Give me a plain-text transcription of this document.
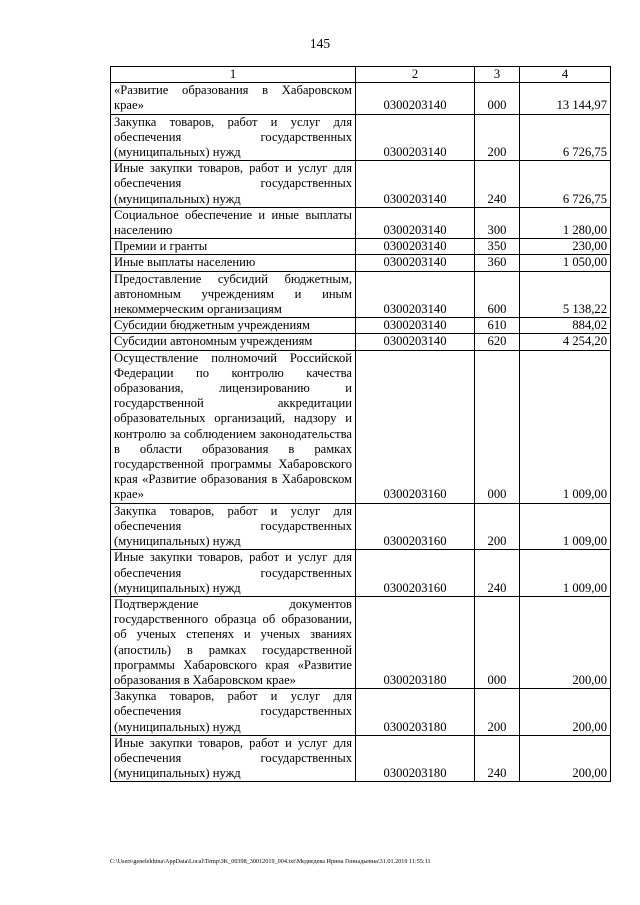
145
1	2	3	4
«Развитие образования в Хабаровском крае»	0300203140	000	13 144,97
Закупка товаров, работ и услуг для обеспечения государственных (муниципальных) нужд	0300203140	200	6 726,75
Иные закупки товаров, работ и услуг для обеспечения государственных (муниципальных) нужд	0300203140	240	6 726,75
Социальное обеспечение и иные выплаты населению	0300203140	300	1 280,00
Премии и гранты	0300203140	350	230,00
Иные выплаты населению	0300203140	360	1 050,00
Предоставление субсидий бюджетным, автономным учреждениям и иным некоммерческим организациям	0300203140	600	5 138,22
Субсидии бюджетным учреждениям	0300203140	610	884,02
Субсидии автономным учреждениям	0300203140	620	4 254,20
Осуществление полномочий Российской Федерации по контролю качества образования, лицензированию и государственной аккредитации образовательных организаций, надзору и контролю за соблюдением законодательства в области образования в рамках государственной программы Хабаровского края «Развитие образования в Хабаровском крае»	0300203160	000	1 009,00
Закупка товаров, работ и услуг для обеспечения государственных (муниципальных) нужд	0300203160	200	1 009,00
Иные закупки товаров, работ и услуг для обеспечения государственных (муниципальных) нужд	0300203160	240	1 009,00
Подтверждение документов государственного образца об образовании, об ученых степенях и ученых званиях (апостиль) в рамках государственной программы Хабаровского края «Развитие образования в Хабаровском крае»	0300203180	000	200,00
Закупка товаров, работ и услуг для обеспечения государственных (муниципальных) нужд	0300203180	200	200,00
Иные закупки товаров, работ и услуг для обеспечения государственных (муниципальных) нужд	0300203180	240	200,00
C:\Users\genelekhina\AppData\Local\Temp\3K_00398_30012019_004.txt\Медведева Ирина Геннадьевна\31.01.2019 11:55:11
